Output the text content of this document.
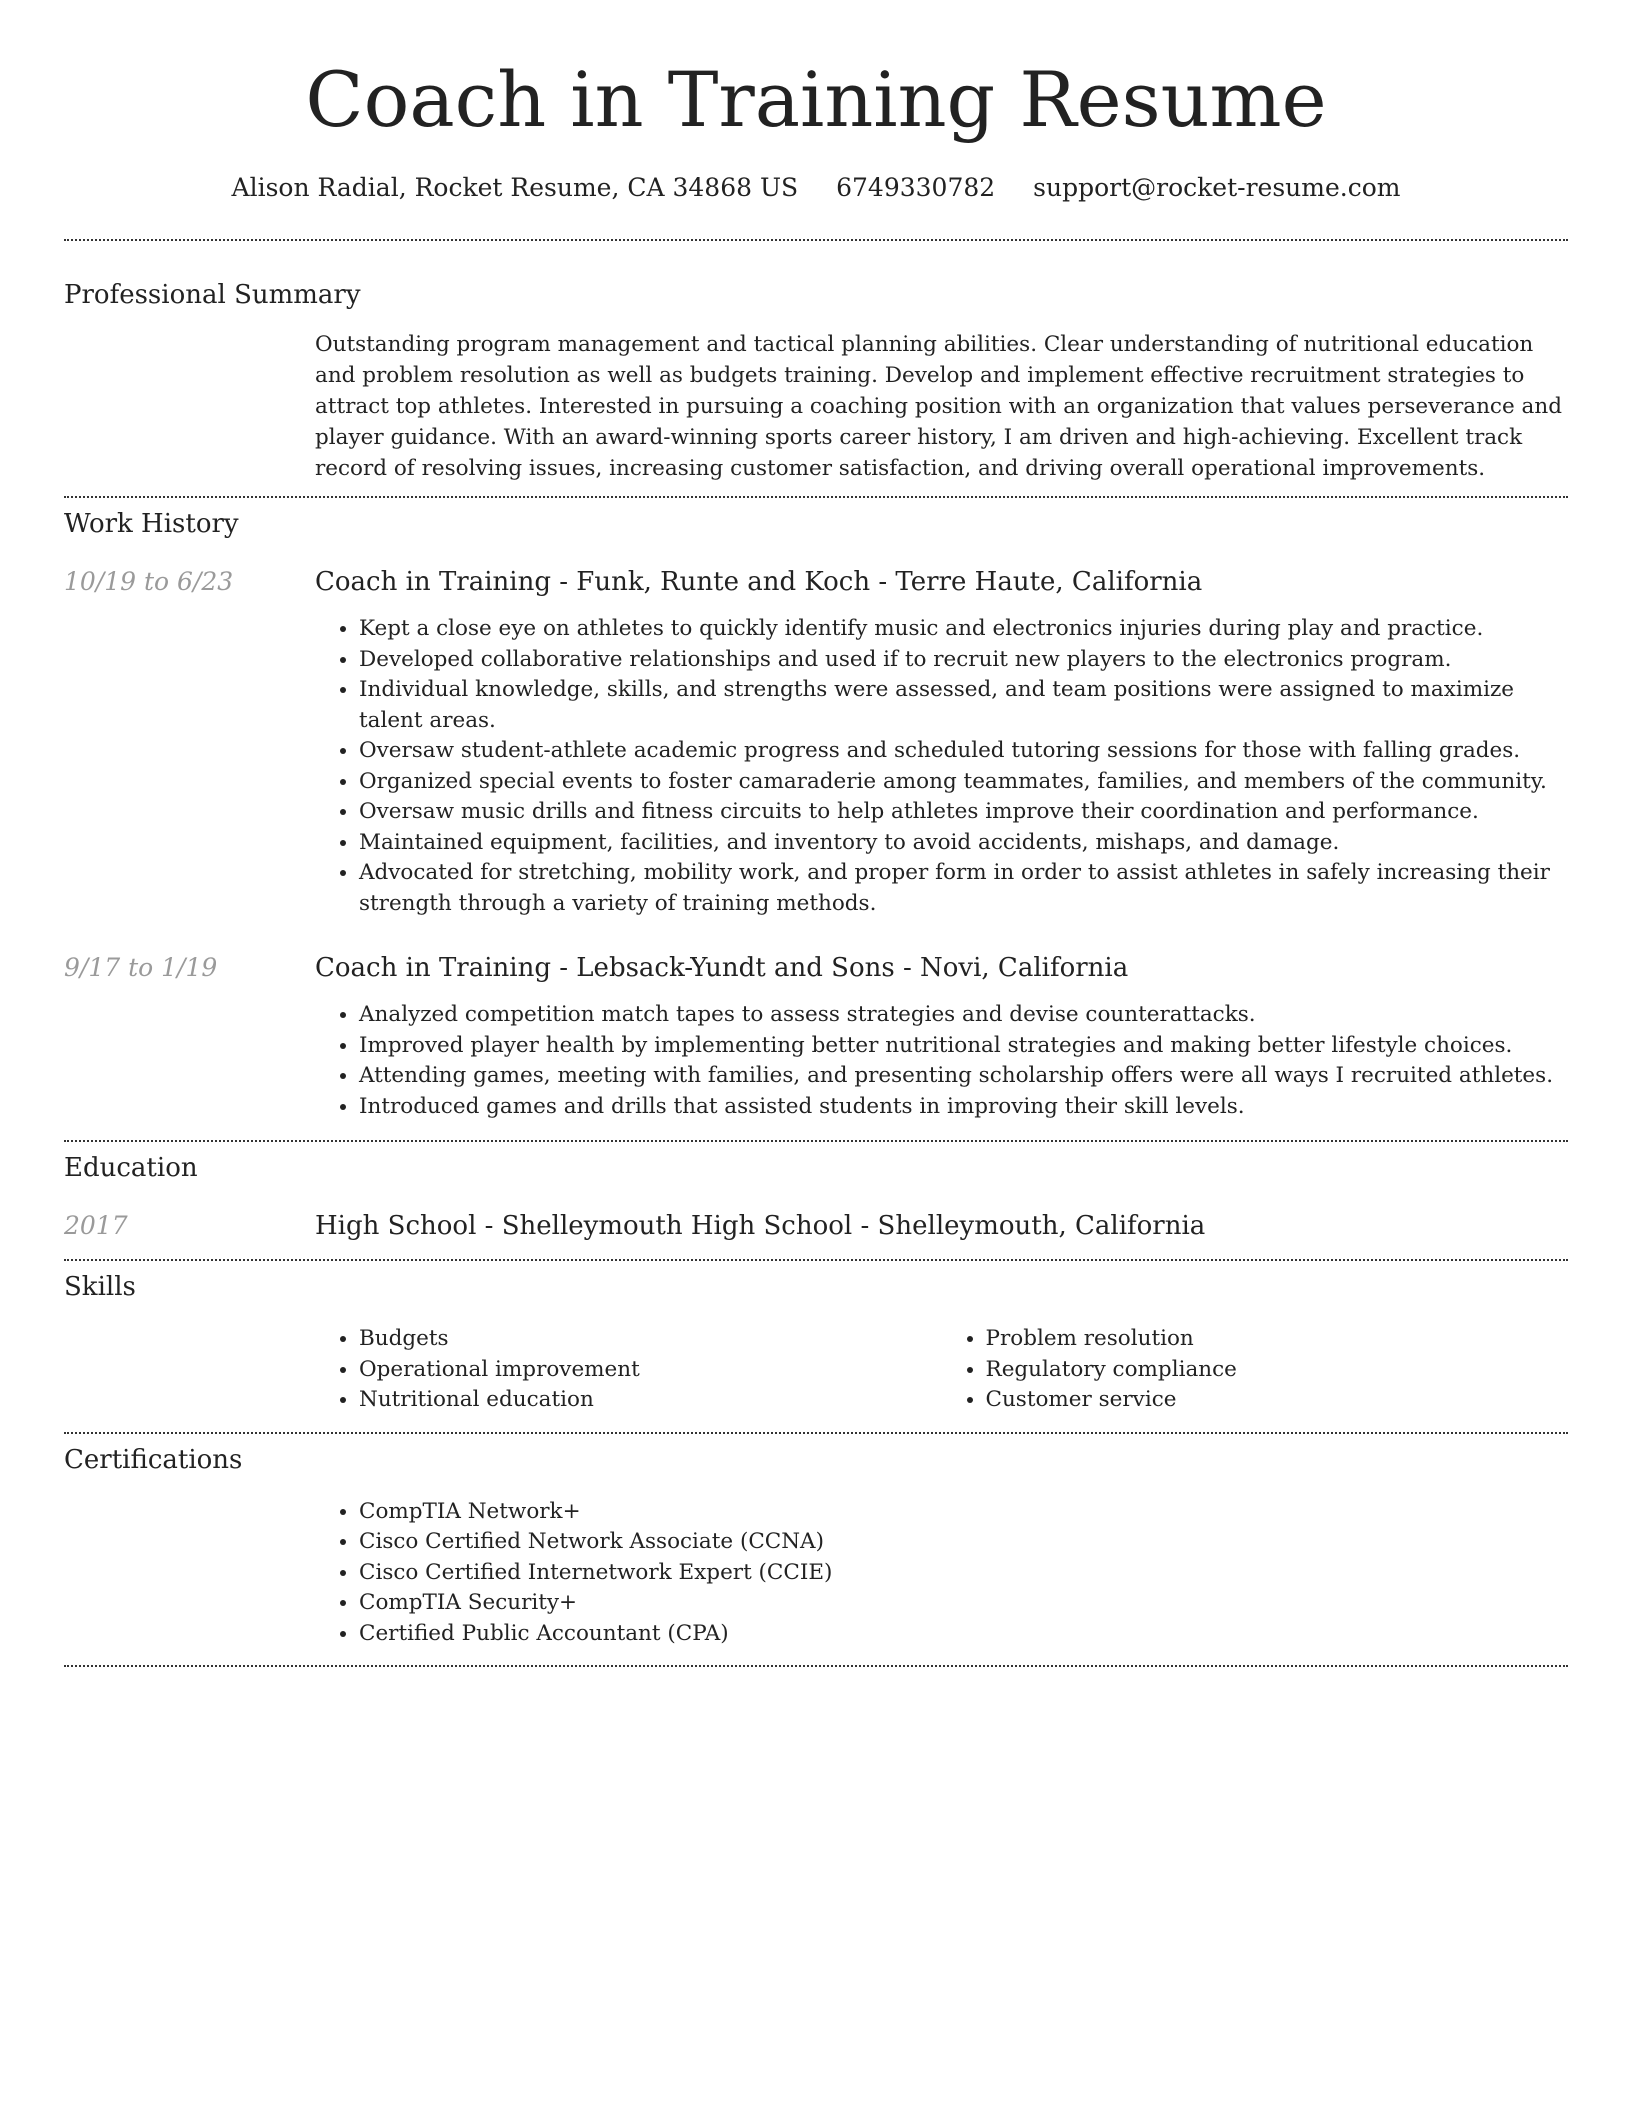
Coach in Training Resume
Alison Radial, Rocket Resume, CA 34868 US 6749330782 support@rocket-resume.com
Professional Summary
Outstanding program management and tactical planning abilities. Clear understanding of nutritional education and problem resolution as well as budgets training. Develop and implement effective recruitment strategies to attract top athletes. Interested in pursuing a coaching position with an organization that values perseverance and player guidance. With an award-winning sports career history, I am driven and high-achieving. Excellent track record of resolving issues, increasing customer satisfaction, and driving overall operational improvements.
Work History
10/19 to 6/23	Coach in Training - Funk, Runte and Koch - Terre Haute, California
• Kept a close eye on athletes to quickly identify music and electronics injuries during play and practice.
• Developed collaborative relationships and used if to recruit new players to the electronics program.
• Individual knowledge, skills, and strengths were assessed, and team positions were assigned to maximize talent areas.
• Oversaw student-athlete academic progress and scheduled tutoring sessions for those with falling grades.
• Organized special events to foster camaraderie among teammates, families, and members of the community.
• Oversaw music drills and fitness circuits to help athletes improve their coordination and performance.
• Maintained equipment, facilities, and inventory to avoid accidents, mishaps, and damage.
• Advocated for stretching, mobility work, and proper form in order to assist athletes in safely increasing their strength through a variety of training methods.
9/17 to 1/19	Coach in Training - Lebsack-Yundt and Sons - Novi, California
• Analyzed competition match tapes to assess strategies and devise counterattacks.
• Improved player health by implementing better nutritional strategies and making better lifestyle choices.
• Attending games, meeting with families, and presenting scholarship offers were all ways I recruited athletes.
• Introduced games and drills that assisted students in improving their skill levels.
Education
2017	High School - Shelleymouth High School - Shelleymouth, California
Skills
• Budgets
• Operational improvement
• Nutritional education
• Problem resolution
• Regulatory compliance
• Customer service
Certifications
• CompTIA Network+
• Cisco Certified Network Associate (CCNA)
• Cisco Certified Internetwork Expert (CCIE)
• CompTIA Security+
• Certified Public Accountant (CPA)
